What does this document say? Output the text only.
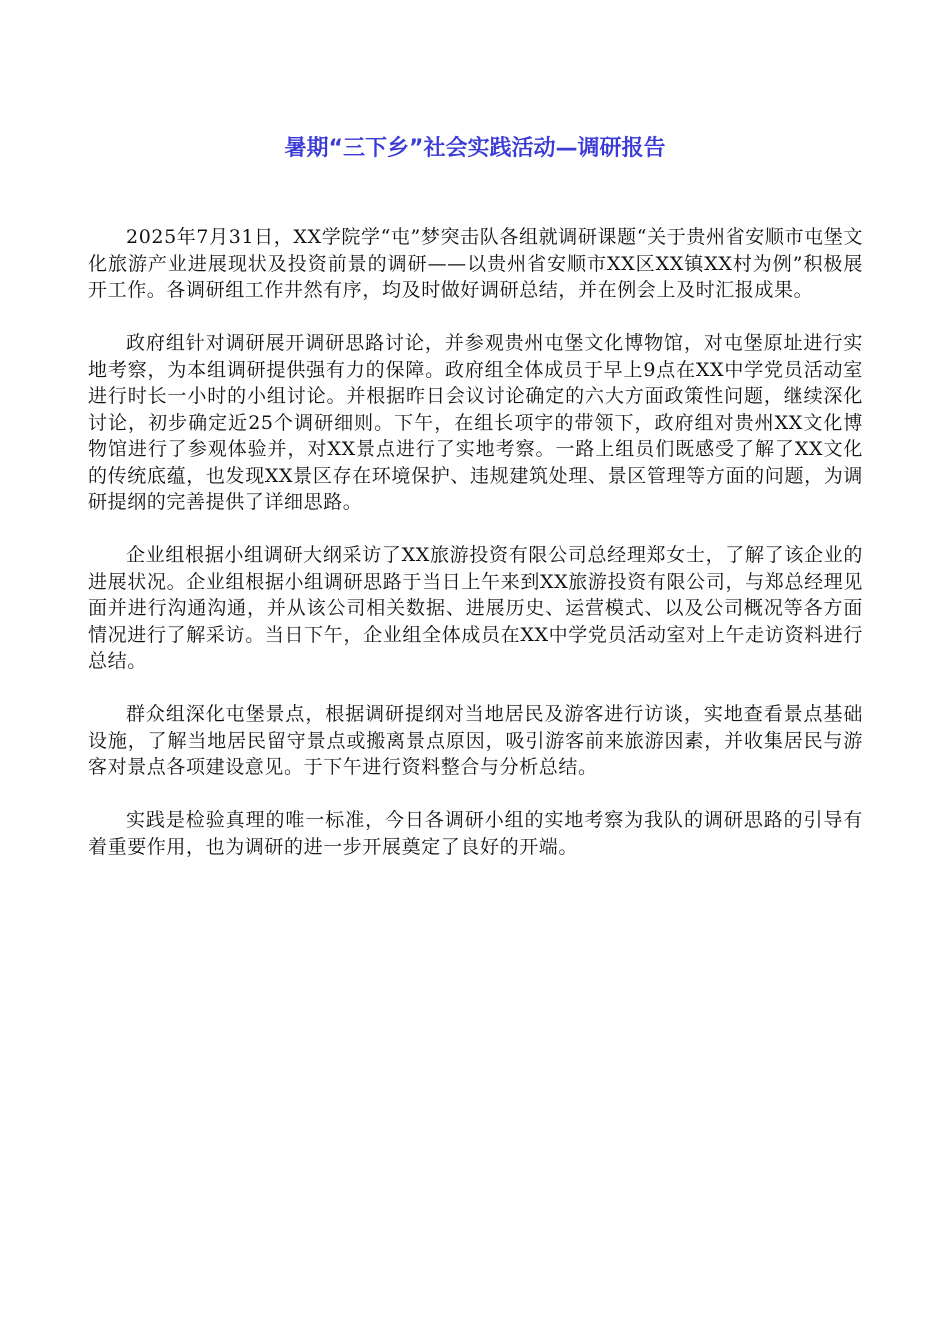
暑期“三下乡”社会实践活动—调研报告

2025年7月31日，XX学院学“屯”梦突击队各组就调研课题“关于贵州省安顺市屯堡文化旅游产业进展现状及投资前景的调研——以贵州省安顺市XX区XX镇XX村为例”积极展开工作。各调研组工作井然有序，均及时做好调研总结，并在例会上及时汇报成果。

政府组针对调研展开调研思路讨论，并参观贵州屯堡文化博物馆，对屯堡原址进行实地考察，为本组调研提供强有力的保障。政府组全体成员于早上9点在XX中学党员活动室进行时长一小时的小组讨论。并根据昨日会议讨论确定的六大方面政策性问题，继续深化讨论，初步确定近25个调研细则。下午，在组长项宇的带领下，政府组对贵州XX文化博物馆进行了参观体验并，对XX景点进行了实地考察。一路上组员们既感受了解了XX文化的传统底蕴，也发现XX景区存在环境保护、违规建筑处理、景区管理等方面的问题，为调研提纲的完善提供了详细思路。

企业组根据小组调研大纲采访了XX旅游投资有限公司总经理郑女士，了解了该企业的进展状况。企业组根据小组调研思路于当日上午来到XX旅游投资有限公司，与郑总经理见面并进行沟通沟通，并从该公司相关数据、进展历史、运营模式、以及公司概况等各方面情况进行了解采访。当日下午，企业组全体成员在XX中学党员活动室对上午走访资料进行总结。

群众组深化屯堡景点，根据调研提纲对当地居民及游客进行访谈，实地查看景点基础设施，了解当地居民留守景点或搬离景点原因，吸引游客前来旅游因素，并收集居民与游客对景点各项建设意见。于下午进行资料整合与分析总结。

实践是检验真理的唯一标准，今日各调研小组的实地考察为我队的调研思路的引导有着重要作用，也为调研的进一步开展奠定了良好的开端。
